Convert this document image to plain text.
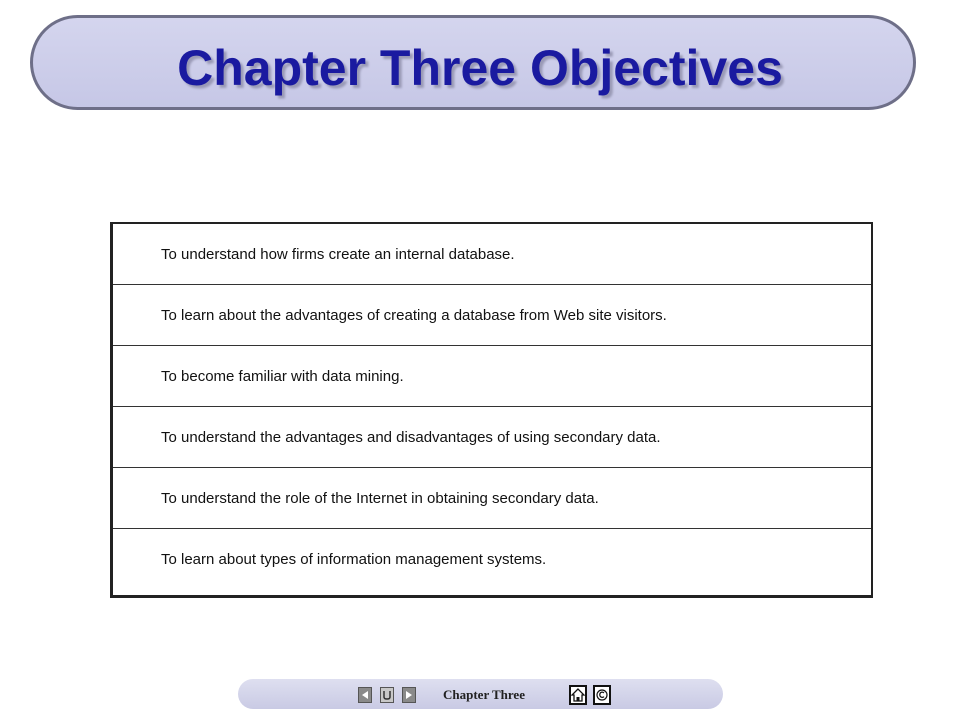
Chapter Three Objectives
To understand how firms create an internal database.
To learn about the advantages of creating a database from Web site visitors.
To become familiar with data mining.
To understand the advantages and disadvantages of using secondary data.
To understand the role of the Internet in obtaining secondary data.
To learn about types of information management systems.
Chapter Three
